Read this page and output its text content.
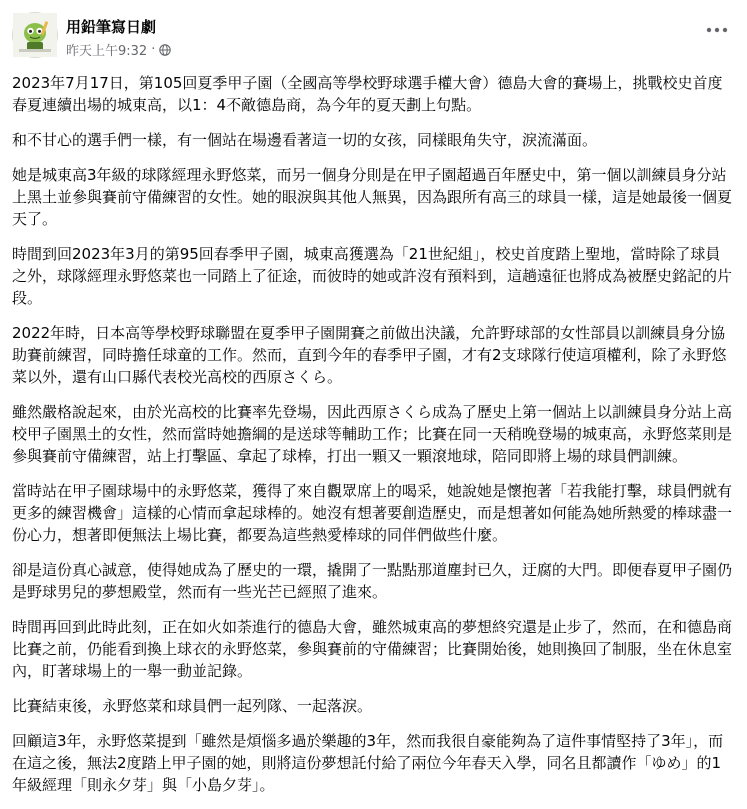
用鉛筆寫日劇
昨天上午9:32 ·

2023年7月17日，第105回夏季甲子園（全國高等學校野球選手權大會）德島大會的賽場上，挑戰校史首度春夏連續出場的城東高，以1：4不敵德島商，為今年的夏天劃上句點。

和不甘心的選手們一樣，有一個站在場邊看著這一切的女孩，同樣眼角失守，淚流滿面。

她是城東高3年級的球隊經理永野悠菜，而另一個身分則是在甲子園超過百年歷史中，第一個以訓練員身分站上黑土並參與賽前守備練習的女性。她的眼淚與其他人無異，因為跟所有高三的球員一樣，這是她最後一個夏天了。

時間到回2023年3月的第95回春季甲子園，城東高獲選為「21世紀組」，校史首度踏上聖地，當時除了球員之外，球隊經理永野悠菜也一同踏上了征途，而彼時的她或許沒有預料到，這趟遠征也將成為被歷史銘記的片段。

2022年時，日本高等學校野球聯盟在夏季甲子園開賽之前做出決議，允許野球部的女性部員以訓練員身分協助賽前練習，同時擔任球童的工作。然而，直到今年的春季甲子園，才有2支球隊行使這項權利，除了永野悠菜以外，還有山口縣代表校光高校的西原さくら。

雖然嚴格說起來，由於光高校的比賽率先登場，因此西原さくら成為了歷史上第一個站上以訓練員身分站上高校甲子園黑土的女性，然而當時她擔綱的是送球等輔助工作；比賽在同一天稍晚登場的城東高，永野悠菜則是參與賽前守備練習，站上打擊區、拿起了球棒，打出一顆又一顆滾地球，陪同即將上場的球員們訓練。

當時站在甲子園球場中的永野悠菜，獲得了來自觀眾席上的喝采，她說她是懷抱著「若我能打擊，球員們就有更多的練習機會」這樣的心情而拿起球棒的。她沒有想著要創造歷史，而是想著如何能為她所熱愛的棒球盡一份心力，想著即便無法上場比賽，都要為這些熱愛棒球的同伴們做些什麼。

卻是這份真心誠意，使得她成為了歷史的一環，撬開了一點點那道塵封已久，迂腐的大門。即便春夏甲子園仍是野球男兒的夢想殿堂，然而有一些光芒已經照了進來。

時間再回到此時此刻，正在如火如荼進行的德島大會，雖然城東高的夢想終究還是止步了，然而，在和德島商比賽之前，仍能看到換上球衣的永野悠菜，參與賽前的守備練習；比賽開始後，她則換回了制服，坐在休息室內，盯著球場上的一舉一動並記錄。

比賽結束後，永野悠菜和球員們一起列隊、一起落淚。

回顧這3年，永野悠菜提到「雖然是煩惱多過於樂趣的3年，然而我很自豪能夠為了這件事情堅持了3年」，而在這之後，無法2度踏上甲子園的她，則將這份夢想託付給了兩位今年春天入學，同名且都讀作「ゆめ」的1年級經理「則永夕芽」與「小島夕芽」。
